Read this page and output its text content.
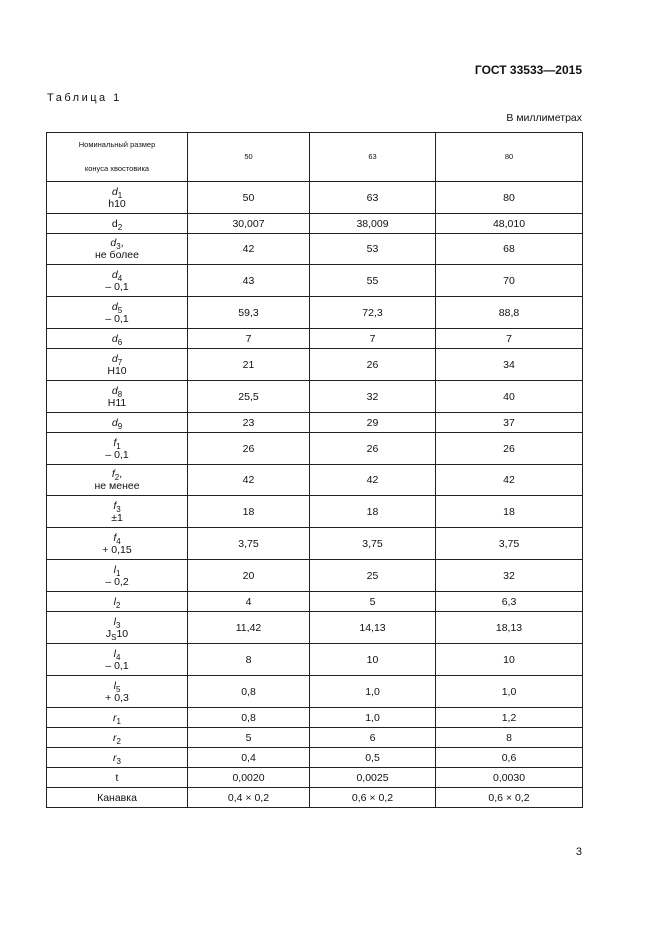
ГОСТ 33533—2015
Таблица 1
В миллиметрах
Номинальный размер
конуса хвостовика	50	63	80

$d_1$
h10	50	63	80

$d_2$	30,007	38,009	48,010

$d_3$,
не более	42	53	68

$d_4$
– 0,1	43	55	70

$d_5$
– 0,1	59,3	72,3	88,8

$d_6$	7	7	7

$d_7$
H10	21	26	34

$d_8$
H11	25,5	32	40

$d_9$	23	29	37

$f_1$
– 0,1	26	26	26

$f_2$,
не менее	42	42	42

$f_3$
±1	18	18	18

$f_4$
+ 0,15	3,75	3,75	3,75

$l_1$
– 0,2	20	25	32

$l_2$	4	5	6,3

$l_3$
$J_S10$	11,42	14,13	18,13

$l_4$
– 0,1	8	10	10

$l_5$
+ 0,3	0,8	1,0	1,0

$r_1$	0,8	1,0	1,2

$r_2$	5	6	8

$r_3$	0,4	0,5	0,6

t	0,0020	0,0025	0,0030

Канавка	0,4 × 0,2	0,6 × 0,2	0,6 × 0,2
3
